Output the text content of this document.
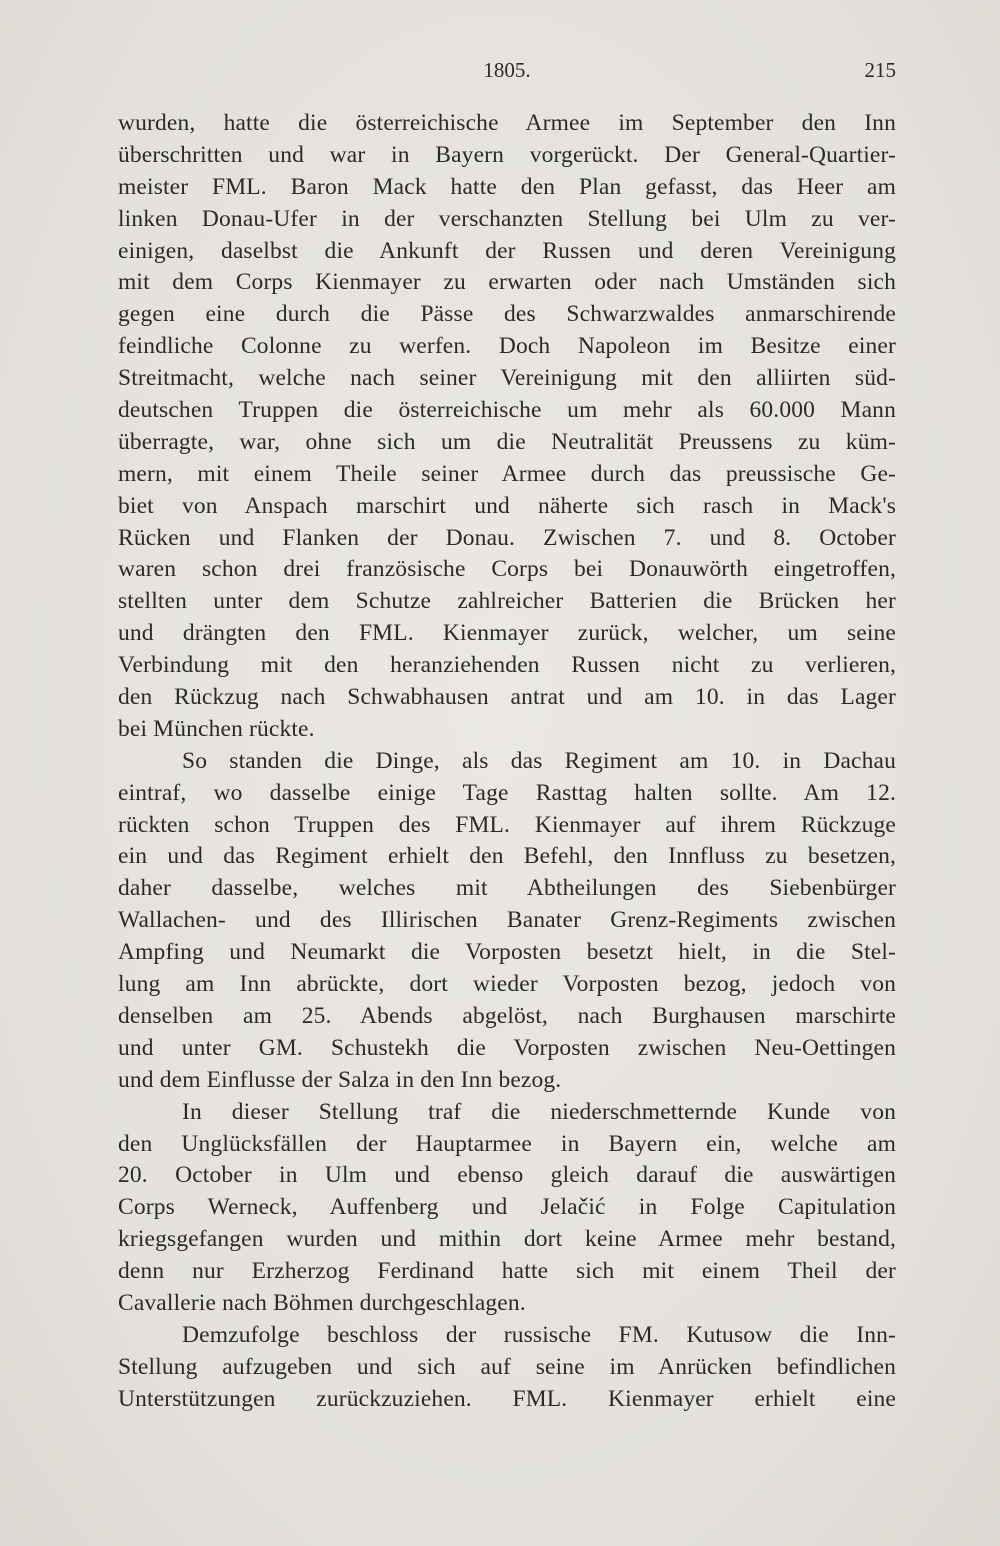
1805.	215
wurden, hatte die österreichische Armee im September den Inn
überschritten und war in Bayern vorgerückt. Der General-Quartier-
meister FML. Baron Mack hatte den Plan gefasst, das Heer am
linken Donau-Ufer in der verschanzten Stellung bei Ulm zu ver-
einigen, daselbst die Ankunft der Russen und deren Vereinigung
mit dem Corps Kienmayer zu erwarten oder nach Umständen sich
gegen eine durch die Pässe des Schwarzwaldes anmarschirende
feindliche Colonne zu werfen. Doch Napoleon im Besitze einer
Streitmacht, welche nach seiner Vereinigung mit den alliirten süd-
deutschen Truppen die österreichische um mehr als 60.000 Mann
überragte, war, ohne sich um die Neutralität Preussens zu küm-
mern, mit einem Theile seiner Armee durch das preussische Ge-
biet von Anspach marschirt und näherte sich rasch in Mack's
Rücken und Flanken der Donau. Zwischen 7. und 8. October
waren schon drei französische Corps bei Donauwörth eingetroffen,
stellten unter dem Schutze zahlreicher Batterien die Brücken her
und drängten den FML. Kienmayer zurück, welcher, um seine
Verbindung mit den heranziehenden Russen nicht zu verlieren,
den Rückzug nach Schwabhausen antrat und am 10. in das Lager
bei München rückte.
So standen die Dinge, als das Regiment am 10. in Dachau
eintraf, wo dasselbe einige Tage Rasttag halten sollte. Am 12.
rückten schon Truppen des FML. Kienmayer auf ihrem Rückzuge
ein und das Regiment erhielt den Befehl, den Innfluss zu besetzen,
daher dasselbe, welches mit Abtheilungen des Siebenbürger
Wallachen- und des Illirischen Banater Grenz-Regiments zwischen
Ampfing und Neumarkt die Vorposten besetzt hielt, in die Stel-
lung am Inn abrückte, dort wieder Vorposten bezog, jedoch von
denselben am 25. Abends abgelöst, nach Burghausen marschirte
und unter GM. Schustekh die Vorposten zwischen Neu-Oettingen
und dem Einflusse der Salza in den Inn bezog.
In dieser Stellung traf die niederschmetternde Kunde von
den Unglücksfällen der Hauptarmee in Bayern ein, welche am
20. October in Ulm und ebenso gleich darauf die auswärtigen
Corps Werneck, Auffenberg und Jelačić in Folge Capitulation
kriegsgefangen wurden und mithin dort keine Armee mehr bestand,
denn nur Erzherzog Ferdinand hatte sich mit einem Theil der
Cavallerie nach Böhmen durchgeschlagen.
Demzufolge beschloss der russische FM. Kutusow die Inn-
Stellung aufzugeben und sich auf seine im Anrücken befindlichen
Unterstützungen zurückzuziehen. FML. Kienmayer erhielt eine
